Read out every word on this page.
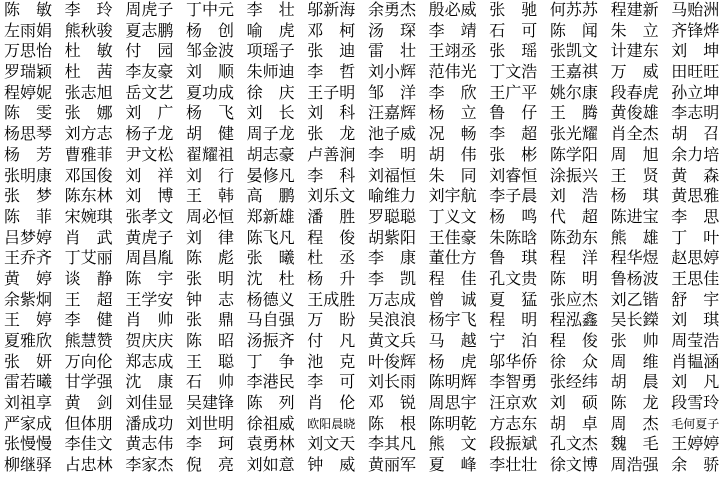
陈　敏 李　玲 周虎子 丁中元 李　壮 邬新海 余勇杰 殷必威 张　驰 何苏苏 程建新 马贻洲
左雨娟 熊秋骏 夏志鹏 杨　创 喻　虎 邓　柯 汤　琛 李　靖 石　可 陈　闻 朱　立 齐锋烨
万思怡 杜　敏 付　园 邹金波 项瑶子 张　迪 雷　壮 王翊丞 张　瑶 张凯文 计建东 刘　坤
罗瑞颖 杜　茜 李友豪 刘　顺 朱师迪 李　哲 刘小辉 范伟光 丁文浩 王嘉祺 万　威 田旺旺
程婷妮 张志旭 岳文艺 夏功成 徐　庆 王子明 邹　洋 李　欣 王广平 姚尔康 段春虎 孙立坤
陈　雯 张　娜 刘　广 杨　飞 刘　长 刘　科 汪嘉辉 杨　立 鲁　仔 王　腾 黄俊雄 李志明
杨思琴 刘方志 杨子龙 胡　健 周子龙 张　龙 池子威 况　畅 李　超 张光耀 肖全杰 胡　召
杨　芳 曹雅菲 尹文松 翟耀祖 胡志豪 卢善涧 李　明 胡　伟 张　彬 陈学阳 周　旭 余力培
张明康 邓国俊 刘　祥 刘　行 晏修凡 李　科 刘福恒 朱　同 刘睿恒 涂振兴 王　贤 黄　森
张　梦 陈东林 刘　博 王　韩 高　鹏 刘乐文 喻维力 刘宇航 李子晨 刘　浩 杨　琪 黄思雅
陈　菲 宋婉琪 张孝文 周必恒 郑新雄 潘　胜 罗聪聪 丁义文 杨　鸣 代　超 陈进宝 李　思
吕梦婷 肖　武 黄虎子 刘　律 陈飞凡 程　俊 胡紫阳 王佳豪 朱陈晗 陈劲东 熊　雄 丁　叶
王乔齐 丁艾丽 周昌胤 陈　彪 张　曦 杜　丞 李　康 董仕方 鲁　琪 程　洋 程华煜 赵思婷
黄　婷 谈　静 陈　宇 张　明 沈　杜 杨　升 李　凯 程　佳 孔文贵 陈　明 鲁杨波 王思佳
余紫炯 王　超 王学安 钟　志 杨德义 王成胜 万志成 曾　诚 夏　猛 张应杰 刘乙锴 舒　宇
王　婷 李　健 肖　帅 张　鼎 马自强 万　盼 吴浪浪 杨宇飞 程　明 程泓鑫 吴长鑅 刘　琪
夏雅欣 熊慧赞 贺庆庆 陈　昭 汤振齐 付　凡 黄文兵 马　越 宁　泊 程　俊 张　帅 周莹浩
张　妍 万向伦 郑志成 王　聪 丁　争 池　克 叶俊辉 杨　虎 邬华侨 徐　众 周　维 肖韫涵
雷若曦 甘学强 沈　康 石　帅 李港民 李　可 刘长雨 陈明辉 李智勇 张经纬 胡　晨 刘　凡
刘祖享 黄　剑 刘佳显 吴建锋 陈　列 肖　伦 邓　锐 周思宇 汪京欢 刘　硕 陈　龙 段雪玲
严家成 但体朋 潘成功 刘世明 徐祖威	欧阳晨晓 陈　根 陈明乾 方志东 胡　卓 周　杰	毛何夏子
张慢慢 李佳文 黄志伟 李　珂 袁勇林 刘文天 李其凡 熊　文 段振斌 孔文杰 魏　毛 王婷婷
柳继驿 占忠林 李家杰 倪　亮 刘如意 钟　威 黄丽军 夏　峰 李壮壮 徐文博 周浩强 余　骄
